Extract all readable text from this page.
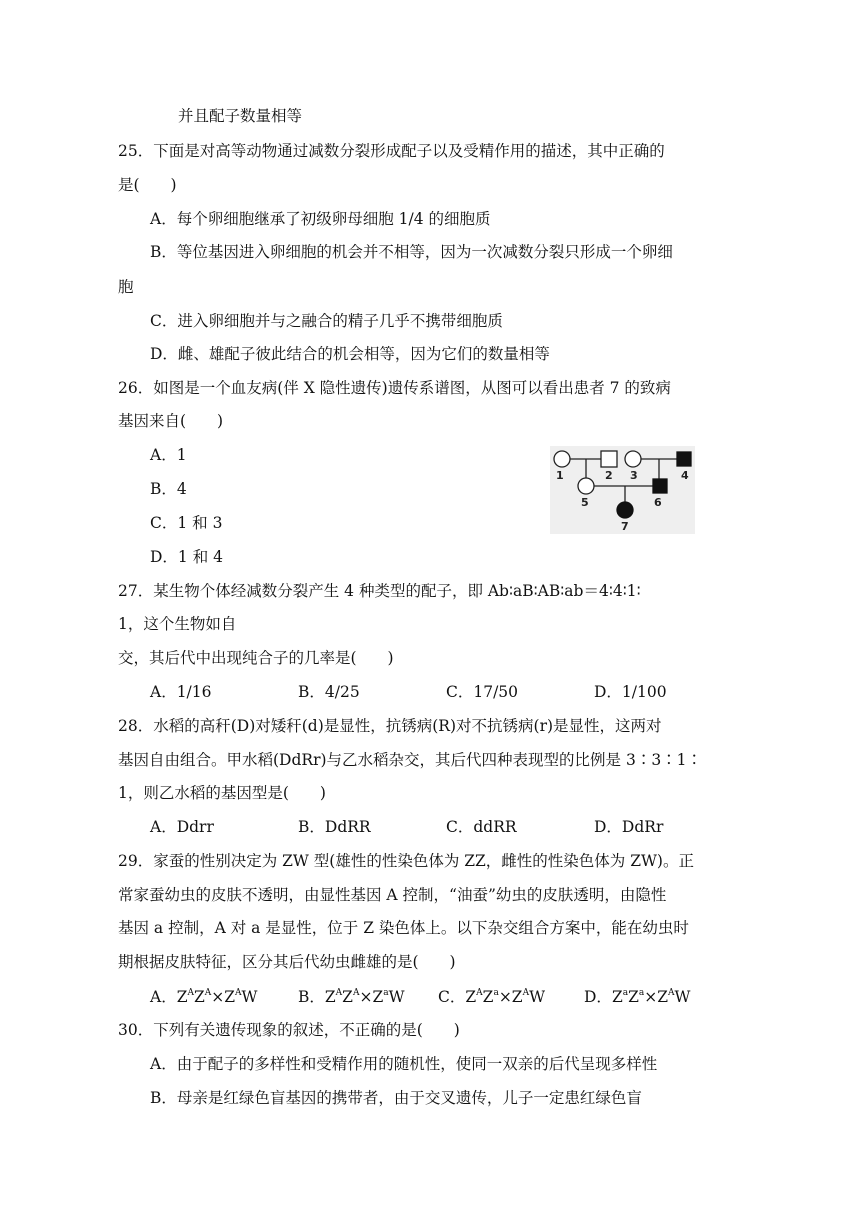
并且配子数量相等
25．下面是对高等动物通过减数分裂形成配子以及受精作用的描述，其中正确的
是(　　)
A．每个卵细胞继承了初级卵母细胞 1/4 的细胞质
B．等位基因进入卵细胞的机会并不相等，因为一次减数分裂只形成一个卵细
胞
C．进入卵细胞并与之融合的精子几乎不携带细胞质
D．雌、雄配子彼此结合的机会相等，因为它们的数量相等
26．如图是一个血友病(伴 X 隐性遗传)遗传系谱图，从图可以看出患者 7 的致病
基因来自(　　)
A．1
B．4
C．1 和 3
D．1 和 4
1	2 3	4
5	6
7
27．某生物个体经减数分裂产生 4 种类型的配子，即 Ab∶aB∶AB∶ab＝4∶4∶1∶
1，这个生物如自
交，其后代中出现纯合子的几率是(　　)
A．1/16	B．4/25	C．17/50	D．1/100
28．水稻的高秆(D)对矮秆(d)是显性，抗锈病(R)对不抗锈病(r)是显性，这两对
基因自由组合。甲水稻(DdRr)与乙水稻杂交，其后代四种表现型的比例是 3∶3∶1∶
1，则乙水稻的基因型是(　　)
A．Ddrr	B．DdRR	C．ddRR	D．DdRr
29．家蚕的性别决定为 ZW 型(雄性的性染色体为 ZZ，雌性的性染色体为 ZW)。正
常家蚕幼虫的皮肤不透明，由显性基因 A 控制，“油蚕”幼虫的皮肤透明，由隐性
基因 a 控制，A 对 a 是显性，位于 Z 染色体上。以下杂交组合方案中，能在幼虫时
期根据皮肤特征，区分其后代幼虫雌雄的是(　　)
A．$Z^AZ^A\times Z^AW$	B．$Z^AZ^A\times Z^aW$ C．$Z^AZ^a\times Z^AW$	D．$Z^aZ^a\times Z^AW$
30．下列有关遗传现象的叙述，不正确的是(　　)
A．由于配子的多样性和受精作用的随机性，使同一双亲的后代呈现多样性
B．母亲是红绿色盲基因的携带者，由于交叉遗传，儿子一定患红绿色盲
